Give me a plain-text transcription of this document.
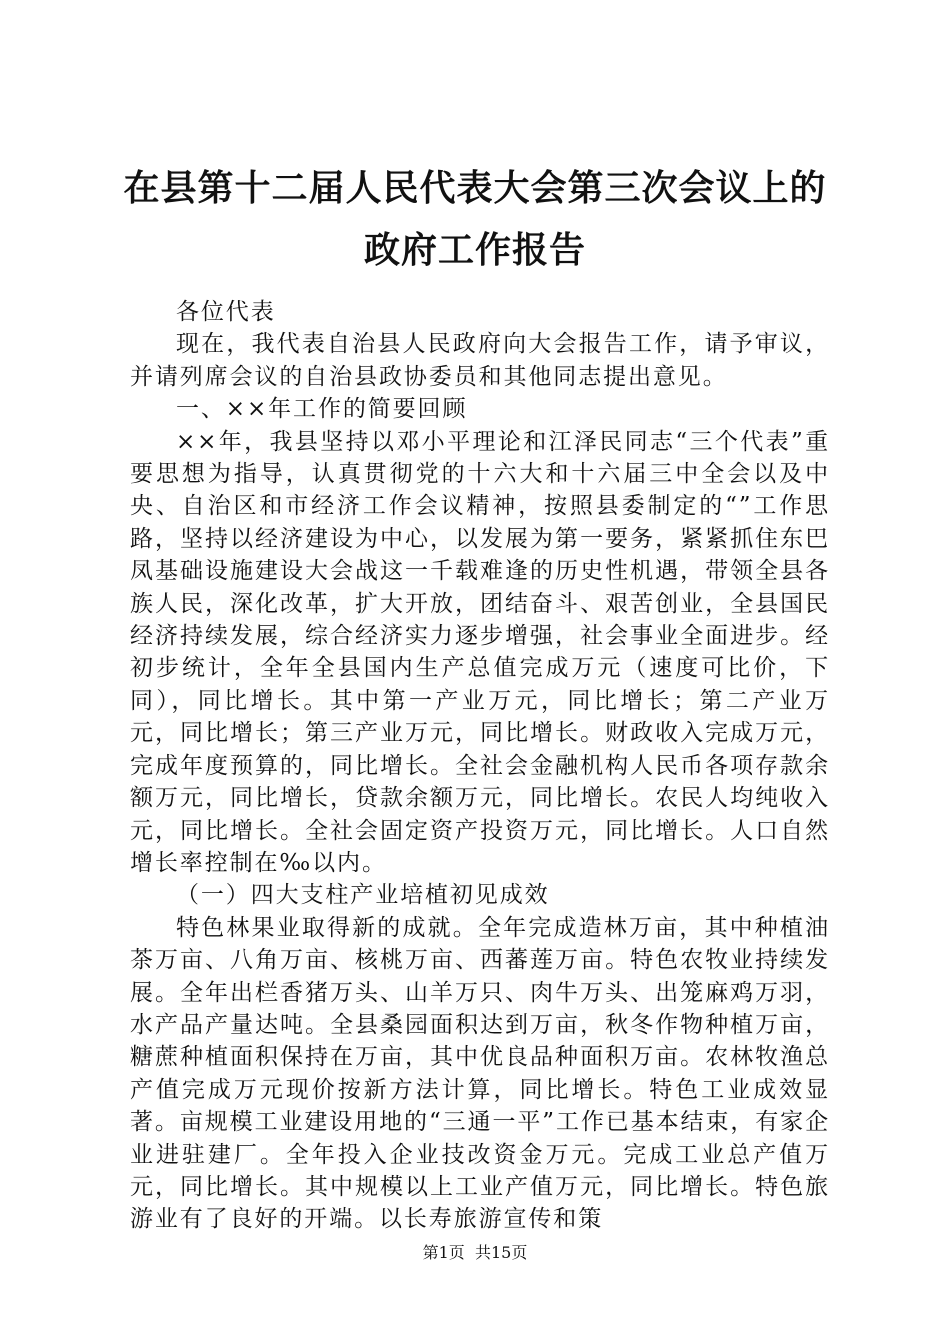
在县第十二届人民代表大会第三次会议上的政府工作报告

各位代表

现在，我代表自治县人民政府向大会报告工作，请予审议，并请列席会议的自治县政协委员和其他同志提出意见。

一、××年工作的简要回顾

××年，我县坚持以邓小平理论和江泽民同志“三个代表”重要思想为指导，认真贯彻党的十六大和十六届三中全会以及中央、自治区和市经济工作会议精神，按照县委制定的“”工作思路，坚持以经济建设为中心，以发展为第一要务，紧紧抓住东巴凤基础设施建设大会战这一千载难逢的历史性机遇，带领全县各族人民，深化改革，扩大开放，团结奋斗、艰苦创业，全县国民经济持续发展，综合经济实力逐步增强，社会事业全面进步。经初步统计，全年全县国内生产总值完成万元（速度可比价，下同），同比增长。其中第一产业万元，同比增长；第二产业万元，同比增长；第三产业万元，同比增长。财政收入完成万元，完成年度预算的，同比增长。全社会金融机构人民币各项存款余额万元，同比增长，贷款余额万元，同比增长。农民人均纯收入元，同比增长。全社会固定资产投资万元，同比增长。人口自然增长率控制在‰以内。

（一）四大支柱产业培植初见成效

特色林果业取得新的成就。全年完成造林万亩，其中种植油茶万亩、八角万亩、核桃万亩、西蕃莲万亩。特色农牧业持续发展。全年出栏香猪万头、山羊万只、肉牛万头、出笼麻鸡万羽，水产品产量达吨。全县桑园面积达到万亩，秋冬作物种植万亩，糖蔗种植面积保持在万亩，其中优良品种面积万亩。农林牧渔总产值完成万元现价按新方法计算，同比增长。特色工业成效显著。亩规模工业建设用地的“三通一平”工作已基本结束，有家企业进驻建厂。全年投入企业技改资金万元。完成工业总产值万元，同比增长。其中规模以上工业产值万元，同比增长。特色旅游业有了良好的开端。以长寿旅游宣传和策

第1页 共15页
